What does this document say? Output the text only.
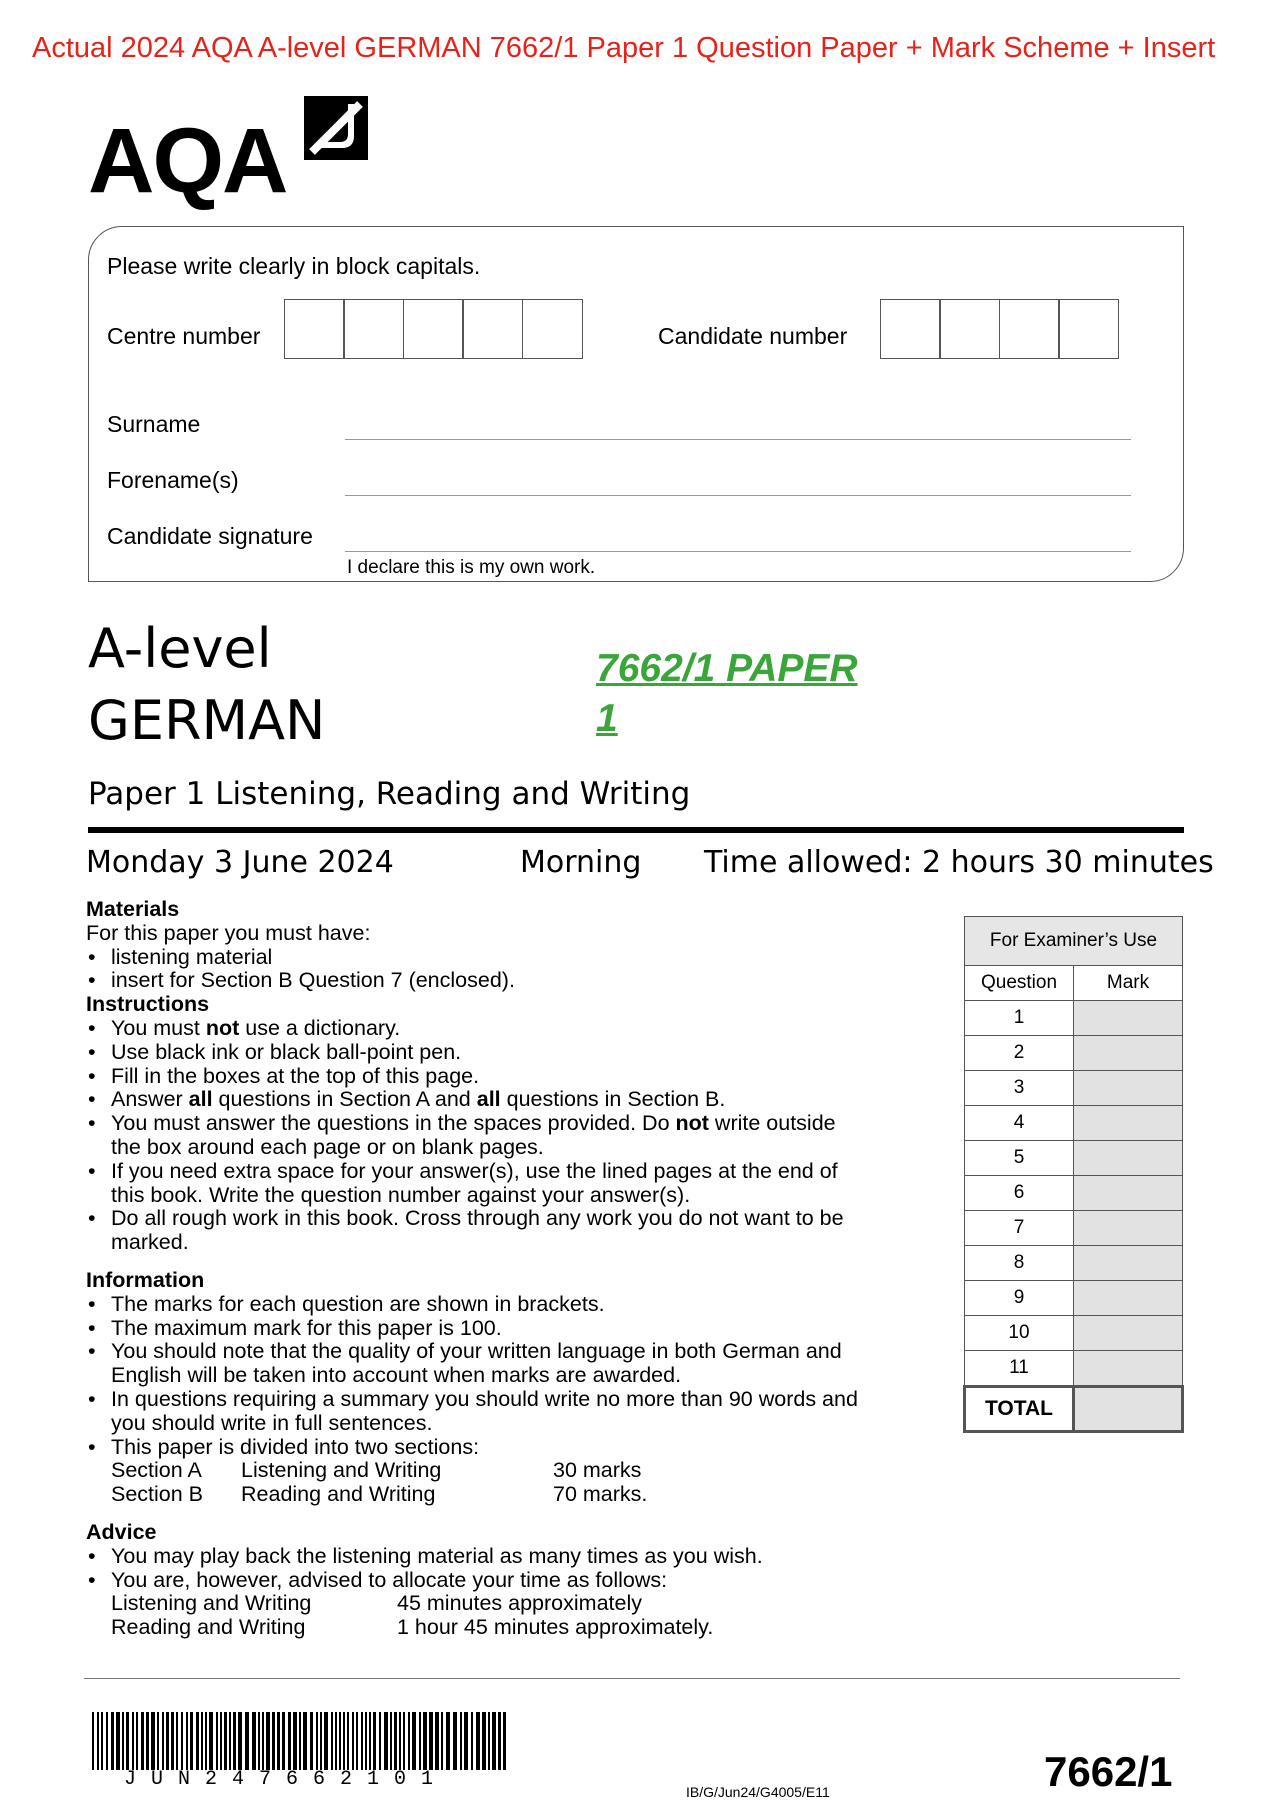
Actual 2024 AQA A-level GERMAN 7662/1 Paper 1 Question Paper + Mark Scheme + Insert
AQA
Please write clearly in block capitals.
Centre number	Candidate number
Surname
Forename(s)
Candidate signature
I declare this is my own work.
A-level
GERMAN
7662/1 PAPER
1
Paper 1 Listening, Reading and Writing
Monday 3 June 2024	Morning Time allowed: 2 hours 30 minutes
Materials
For this paper you must have:
• listening material
• insert for Section B Question 7 (enclosed).
Instructions
• You must not use a dictionary.
• Use black ink or black ball-point pen.
• Fill in the boxes at the top of this page.
• Answer all questions in Section A and all questions in Section B.
• You must answer the questions in the spaces provided. Do not write outside
the box around each page or on blank pages.
• If you need extra space for your answer(s), use the lined pages at the end of
this book. Write the question number against your answer(s).
• Do all rough work in this book. Cross through any work you do not want to be
marked.
Information
• The marks for each question are shown in brackets.
• The maximum mark for this paper is 100.
• You should note that the quality of your written language in both German and
English will be taken into account when marks are awarded.
• In questions requiring a summary you should write no more than 90 words and
you should write in full sentences.
• This paper is divided into two sections:
Section A	Listening and Writing	30 marks
Section B	Reading and Writing	70 marks.
Advice
• You may play back the listening material as many times as you wish.
• You are, however, advised to allocate your time as follows:
Listening and Writing	45 minutes approximately
Reading and Writing	1 hour 45 minutes approximately.
For Examiner’s Use	
Question	Mark
1	
2	
3	
4	
5	
6	
7	
8	
9	
10	
11	
TOTAL	
JUN247662101
IB/G/Jun24/G4005/E11	7662/1
